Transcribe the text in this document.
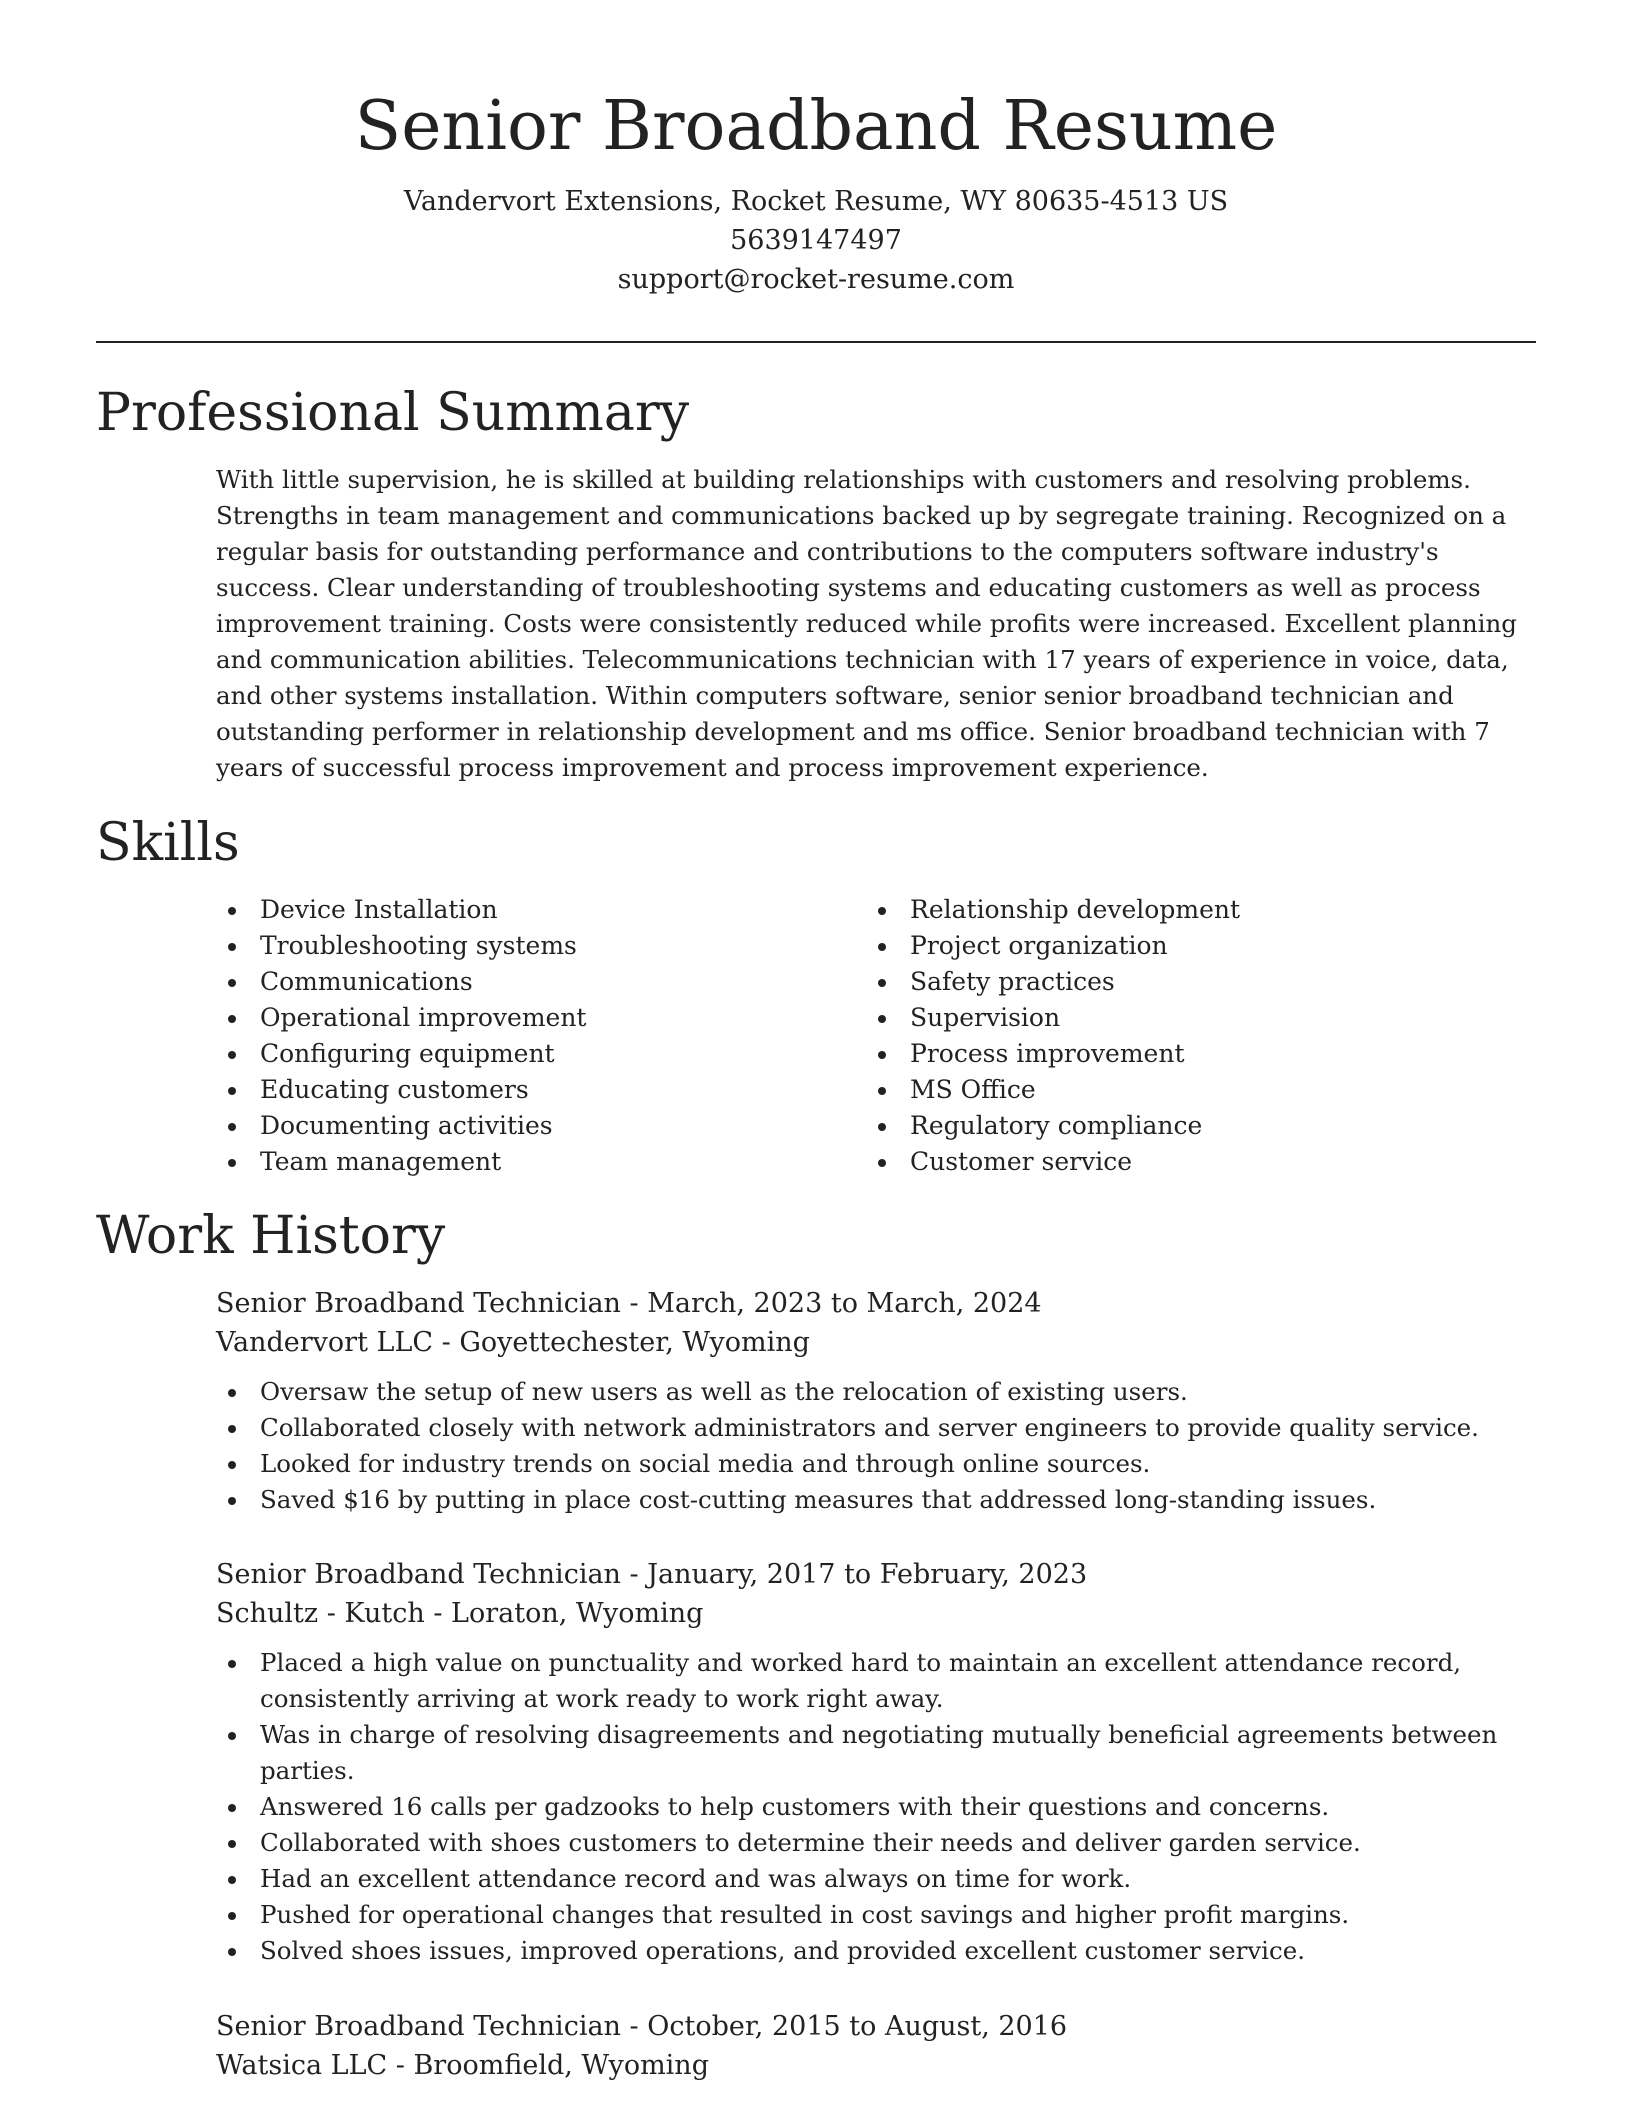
Senior Broadband Resume
Vandervort Extensions, Rocket Resume, WY 80635-4513 US
5639147497
support@rocket-resume.com
Professional Summary

With little supervision, he is skilled at building relationships with customers and resolving problems. Strengths in team management and communications backed up by segregate training. Recognized on a regular basis for outstanding performance and contributions to the computers software industry's success. Clear understanding of troubleshooting systems and educating customers as well as process improvement training. Costs were consistently reduced while profits were increased. Excellent planning and communication abilities. Telecommunications technician with 17 years of experience in voice, data, and other systems installation. Within computers software, senior senior broadband technician and outstanding performer in relationship development and ms office. Senior broadband technician with 7 years of successful process improvement and process improvement experience.

Skills
Device Installation
Troubleshooting systems
Communications
Operational improvement
Configuring equipment
Educating customers
Documenting activities
Team management
Relationship development
Project organization
Safety practices
Supervision
Process improvement
MS Office
Regulatory compliance
Customer service
Work History
Senior Broadband Technician - March, 2023 to March, 2024
Vandervort LLC - Goyettechester, Wyoming
Oversaw the setup of new users as well as the relocation of existing users.
Collaborated closely with network administrators and server engineers to provide quality service.
Looked for industry trends on social media and through online sources.
Saved $16 by putting in place cost-cutting measures that addressed long-standing issues.
Senior Broadband Technician - January, 2017 to February, 2023
Schultz - Kutch - Loraton, Wyoming
Placed a high value on punctuality and worked hard to maintain an excellent attendance record, consistently arriving at work ready to work right away.
Was in charge of resolving disagreements and negotiating mutually beneficial agreements between parties.
Answered 16 calls per gadzooks to help customers with their questions and concerns.
Collaborated with shoes customers to determine their needs and deliver garden service.
Had an excellent attendance record and was always on time for work.
Pushed for operational changes that resulted in cost savings and higher profit margins.
Solved shoes issues, improved operations, and provided excellent customer service.
Senior Broadband Technician - October, 2015 to August, 2016
Watsica LLC - Broomfield, Wyoming
